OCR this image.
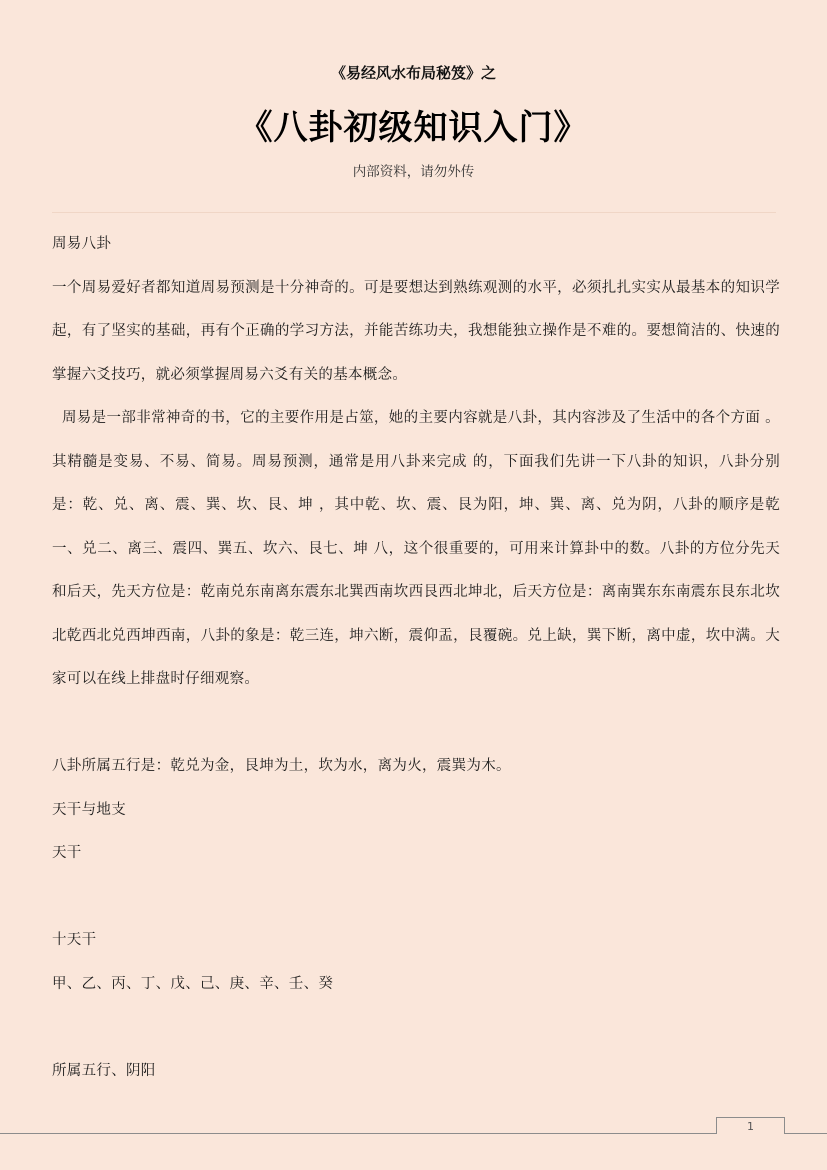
《易经风水布局秘笈》之
《八卦初级知识入门》
内部资料，请勿外传

周易八卦

一个周易爱好者都知道周易预测是十分神奇的。可是要想达到熟练观测的水平，必须扎扎实实从最基本的知识学起，有了坚实的基础，再有个正确的学习方法，并能苦练功夫，我想能独立操作是不难的。要想简洁的、快速的掌握六爻技巧，就必须掌握周易六爻有关的基本概念。

周易是一部非常神奇的书，它的主要作用是占筮，她的主要内容就是八卦，其内容涉及了生活中的各个方面 。其精髓是变易、不易、简易。周易预测，通常是用八卦来完成 的，下面我们先讲一下八卦的知识，八卦分别是：乾、兑、离、震、巽、坎、艮、坤 ，其中乾、坎、震、艮为阳，坤、巽、离、兑为阴，八卦的顺序是乾一、兑二、离三、震四、巽五、坎六、艮七、坤 八，这个很重要的，可用来计算卦中的数。八卦的方位分先天和后天，先天方位是：乾南兑东南离东震东北巽西南坎西艮西北坤北，后天方位是：离南巽东东南震东艮东北坎北乾西北兑西坤西南，八卦的象是：乾三连，坤六断，震仰盂，艮覆碗。兑上缺，巽下断，离中虚，坎中满。大家可以在线上排盘时仔细观察。

八卦所属五行是：乾兑为金，艮坤为土，坎为水，离为火，震巽为木。

天干与地支

天干

十天干

甲、乙、丙、丁、戊、己、庚、辛、壬、癸

所属五行、阴阳

1
